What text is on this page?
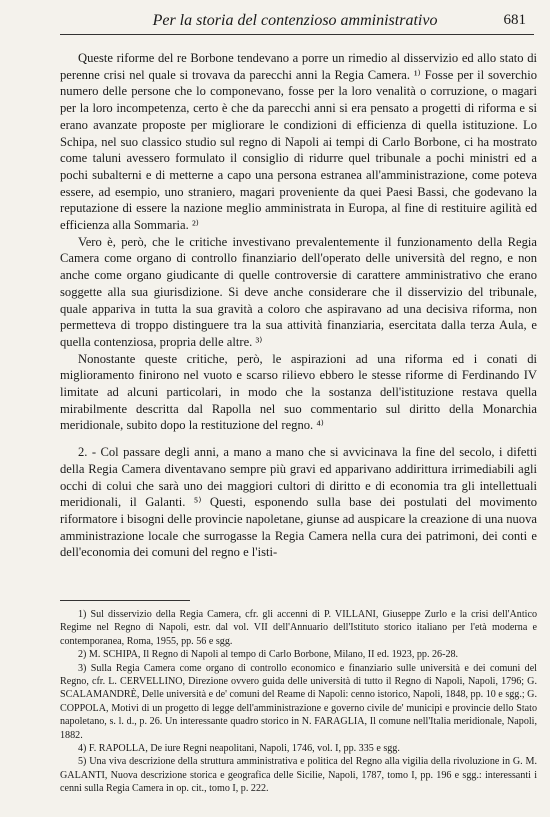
Per la storia del contenzioso amministrativo	681

Queste riforme del re Borbone tendevano a porre un rimedio al disservizio ed allo stato di perenne crisi nel quale si trovava da parecchi anni la Regia Camera. ¹⁾ Fosse per il soverchio numero delle persone che lo componevano, fosse per la loro venalità o corruzione, o magari per la loro incompetenza, certo è che da parecchi anni si era pensato a progetti di riforma e si erano avanzate proposte per migliorare le condizioni di efficienza di quella istituzione. Lo Schipa, nel suo classico studio sul regno di Napoli ai tempi di Carlo Borbone, ci ha mostrato come taluni avessero formulato il consiglio di ridurre quel tribunale a pochi ministri ed a pochi subalterni e di metterne a capo una persona estranea all'amministrazione, come poteva essere, ad esempio, uno straniero, magari proveniente da quei Paesi Bassi, che godevano la reputazione di essere la nazione meglio amministrata in Europa, al fine di restituire agilità ed efficienza alla Sommaria. ²⁾

Vero è, però, che le critiche investivano prevalentemente il funzionamento della Regia Camera come organo di controllo finanziario dell'operato delle università del regno, e non anche come organo giudicante di quelle controversie di carattere amministrativo che erano soggette alla sua giurisdizione. Si deve anche considerare che il disservizio del tribunale, quale appariva in tutta la sua gravità a coloro che aspiravano ad una decisiva riforma, non permetteva di troppo distinguere tra la sua attività finanziaria, esercitata dalla terza Aula, e quella contenziosa, propria delle altre. ³⁾

Nonostante queste critiche, però, le aspirazioni ad una riforma ed i conati di miglioramento finirono nel vuoto e scarso rilievo ebbero le stesse riforme di Ferdinando IV limitate ad alcuni particolari, in modo che la sostanza dell'istituzione restava quella mirabilmente descritta dal Rapolla nel suo commentario sul diritto della Monarchia meridionale, subito dopo la restituzione del regno. ⁴⁾

2. - Col passare degli anni, a mano a mano che si avvicinava la fine del secolo, i difetti della Regia Camera diventavano sempre più gravi ed apparivano addirittura irrimediabili agli occhi di colui che sarà uno dei maggiori cultori di diritto e di economia tra gli intellettuali meridionali, il Galanti. ⁵⁾ Questi, esponendo sulla base dei postulati del movimento riformatore i bisogni delle provincie napoletane, giunse ad auspicare la creazione di una nuova amministrazione locale che surrogasse la Regia Camera nella cura dei patrimoni, dei conti e dell'economia dei comuni del regno e l'isti-

1) Sul disservizio della Regia Camera, cfr. gli accenni di P. VILLANI, Giuseppe Zurlo e la crisi dell'Antico Regime nel Regno di Napoli, estr. dal vol. VII dell'Annuario dell'Istituto storico italiano per l'età moderna e contemporanea, Roma, 1955, pp. 56 e sgg.

2) M. SCHIPA, Il Regno di Napoli al tempo di Carlo Borbone, Milano, II ed. 1923, pp. 26-28.

3) Sulla Regia Camera come organo di controllo economico e finanziario sulle università e dei comuni del Regno, cfr. L. CERVELLINO, Direzione ovvero guida delle università di tutto il Regno di Napoli, Napoli, 1796; G. SCALAMANDRÈ, Delle università e de' comuni del Reame di Napoli: cenno istorico, Napoli, 1848, pp. 10 e sgg.; G. COPPOLA, Motivi di un progetto di legge dell'amministrazione e governo civile de' municipi e provincie dello Stato napoletano, s. l. d., p. 26. Un interessante quadro storico in N. FARAGLIA, Il comune nell'Italia meridionale, Napoli, 1882.

4) F. RAPOLLA, De iure Regni neapolitani, Napoli, 1746, vol. I, pp. 335 e sgg.

5) Una viva descrizione della struttura amministrativa e politica del Regno alla vigilia della rivoluzione in G. M. GALANTI, Nuova descrizione storica e geografica delle Sicilie, Napoli, 1787, tomo I, pp. 196 e sgg.: interessanti i cenni sulla Regia Camera in op. cit., tomo I, p. 222.
